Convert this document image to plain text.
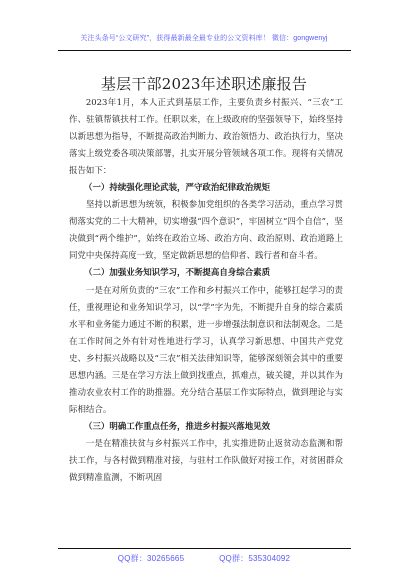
关注头条号“公文研究”，获得最新最全最专业的公文资料库！ 微信：gongwenyj
基层干部2023年述职述廉报告

2023年1月，本人正式到基层工作，主要负责乡村振兴、“三农”工作、驻镇帮镇扶村工作。任职以来，在上级政府的坚强领导下，始终坚持以新思想为指导，不断提高政治判断力、政治领悟力、政治执行力，坚决落实上级党委各项决策部署，扎实开展分管领域各项工作。现将有关情况报告如下：

（一）持续强化理论武装，严守政治纪律政治规矩

坚持以新思想为统领，积极参加党组织的各类学习活动，重点学习贯彻落实党的二十大精神，切实增强“四个意识”，牢固树立“四个自信”，坚决做到“两个维护”，始终在政治立场、政治方向、政治原则、政治道路上同党中央保持高度一致，坚定做新思想的信仰者、践行者和奋斗者。

（二）加强业务知识学习，不断提高自身综合素质

一是在对所负责的“三农”工作和乡村振兴工作中，能够扛起学习的责任，重视理论和业务知识学习，以“学”字为先，不断提升自身的综合素质水平和业务能力通过不断的积累，进一步增强法制意识和法制观念。二是在工作时间之外有针对性地进行学习，认真学习新思想、中国共产党党史、乡村振兴战略以及“三农”相关法律知识等，能够深刻领会其中的重要思想内涵。三是在学习方法上做到找重点，抓难点，破关键，并以其作为推动农业农村工作的助推器。充分结合基层工作实际特点，做到理论与实际相结合。

（三）明确工作重点任务，推进乡村振兴落地见效

一是在精准扶贫与乡村振兴工作中，扎实推进防止返贫动态监测和帮扶工作，与各村做到精准对接，与驻村工作队做好对接工作，对贫困群众做到精准监测，不断巩固

QQ群：30265665	QQ群：535304092
